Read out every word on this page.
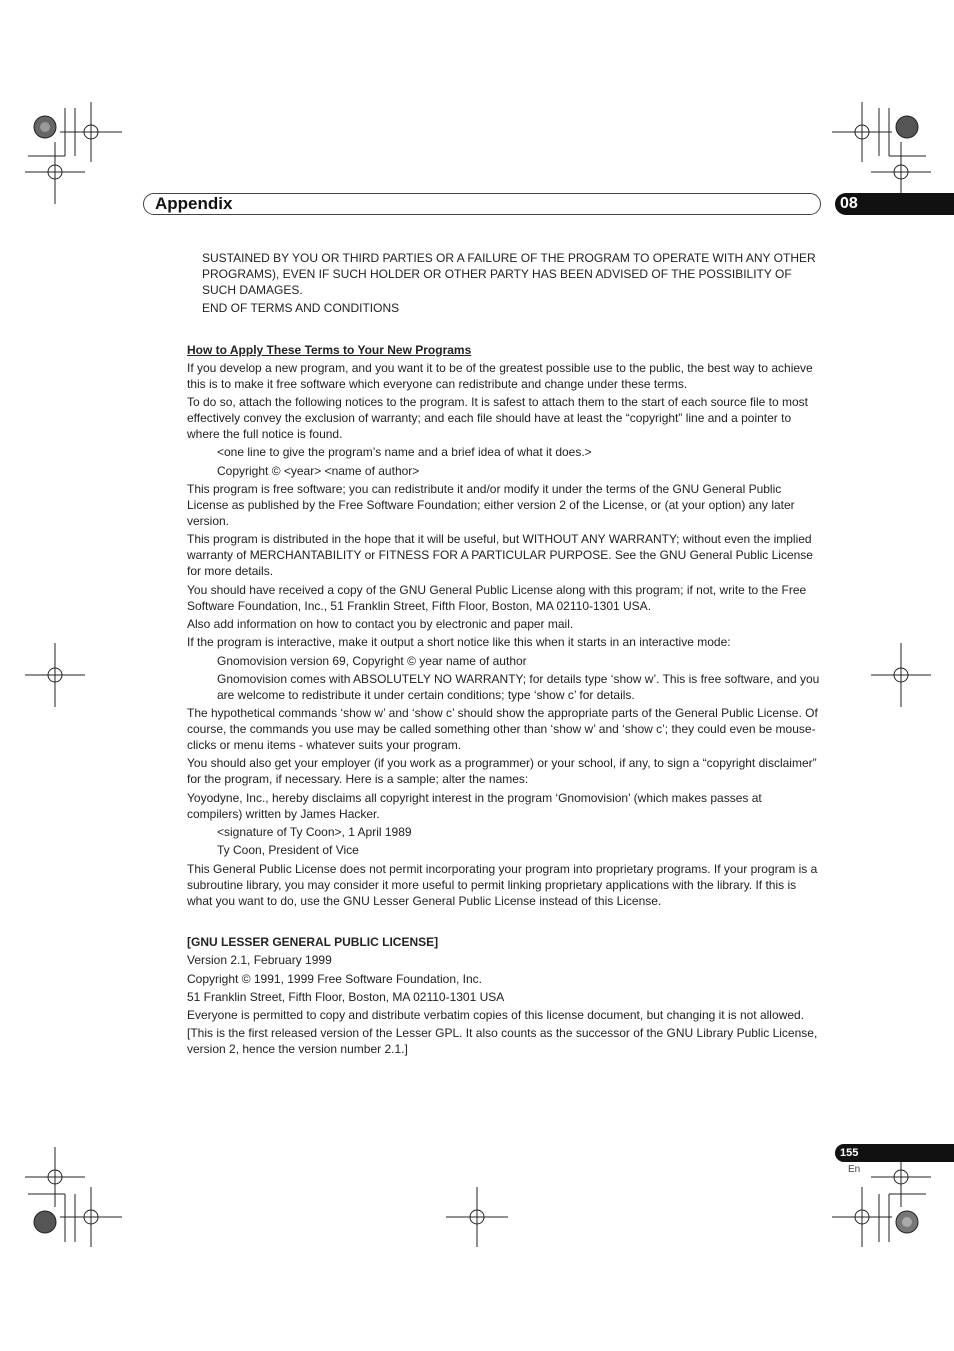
Appendix	08

SUSTAINED BY YOU OR THIRD PARTIES OR A FAILURE OF THE PROGRAM TO OPERATE WITH ANY OTHER PROGRAMS), EVEN IF SUCH HOLDER OR OTHER PARTY HAS BEEN ADVISED OF THE POSSIBILITY OF SUCH DAMAGES.

END OF TERMS AND CONDITIONS

How to Apply These Terms to Your New Programs

If you develop a new program, and you want it to be of the greatest possible use to the public, the best way to achieve this is to make it free software which everyone can redistribute and change under these terms.

To do so, attach the following notices to the program. It is safest to attach them to the start of each source file to most effectively convey the exclusion of warranty; and each file should have at least the “copyright” line and a pointer to where the full notice is found.

<one line to give the program’s name and a brief idea of what it does.>

Copyright © <year> <name of author>

This program is free software; you can redistribute it and/or modify it under the terms of the GNU General Public License as published by the Free Software Foundation; either version 2 of the License, or (at your option) any later version.

This program is distributed in the hope that it will be useful, but WITHOUT ANY WARRANTY; without even the implied warranty of MERCHANTABILITY or FITNESS FOR A PARTICULAR PURPOSE. See the GNU General Public License for more details.

You should have received a copy of the GNU General Public License along with this program; if not, write to the Free Software Foundation, Inc., 51 Franklin Street, Fifth Floor, Boston, MA 02110-1301 USA.

Also add information on how to contact you by electronic and paper mail.

If the program is interactive, make it output a short notice like this when it starts in an interactive mode:

Gnomovision version 69, Copyright © year name of author

Gnomovision comes with ABSOLUTELY NO WARRANTY; for details type ‘show w’. This is free software, and you are welcome to redistribute it under certain conditions; type ‘show c’ for details.

The hypothetical commands ‘show w’ and ‘show c’ should show the appropriate parts of the General Public License. Of course, the commands you use may be called something other than ‘show w’ and ‘show c’; they could even be mouse-clicks or menu items - whatever suits your program.

You should also get your employer (if you work as a programmer) or your school, if any, to sign a “copyright disclaimer” for the program, if necessary. Here is a sample; alter the names:

Yoyodyne, Inc., hereby disclaims all copyright interest in the program ‘Gnomovision’ (which makes passes at compilers) written by James Hacker.

<signature of Ty Coon>, 1 April 1989

Ty Coon, President of Vice

This General Public License does not permit incorporating your program into proprietary programs. If your program is a subroutine library, you may consider it more useful to permit linking proprietary applications with the library. If this is what you want to do, use the GNU Lesser General Public License instead of this License.

[GNU LESSER GENERAL PUBLIC LICENSE]

Version 2.1, February 1999

Copyright © 1991, 1999 Free Software Foundation, Inc.

51 Franklin Street, Fifth Floor, Boston, MA 02110-1301 USA

Everyone is permitted to copy and distribute verbatim copies of this license document, but changing it is not allowed.

[This is the first released version of the Lesser GPL. It also counts as the successor of the GNU Library Public License, version 2, hence the version number 2.1.]

155
En
